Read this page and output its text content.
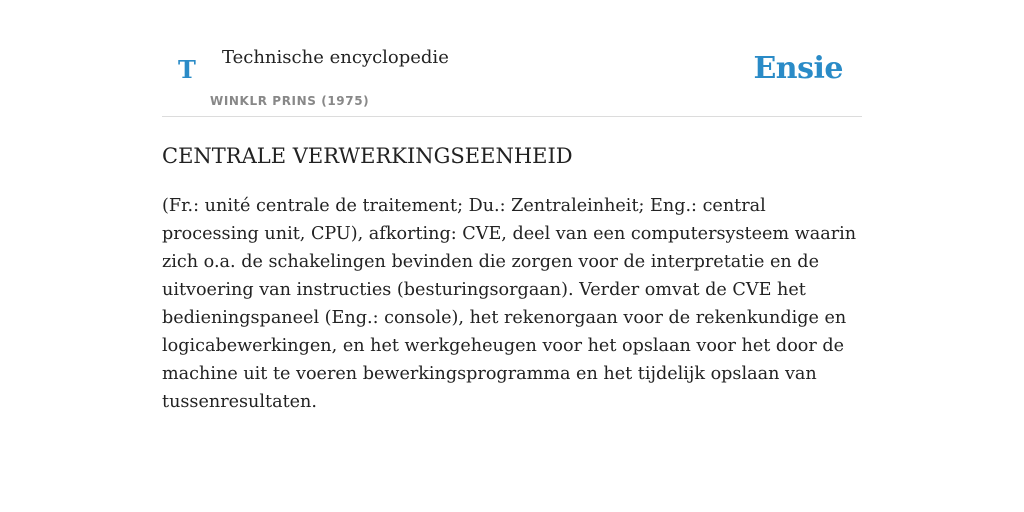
T Technische encyclopedie
WINKLR PRINS (1975)
Ensie
CENTRALE VERWERKINGSEENHEID

(Fr.: unité centrale de traitement; Du.: Zentraleinheit; Eng.: central processing unit, CPU), afkorting: CVE, deel van een computersysteem waarin zich o.a. de schakelingen bevinden die zorgen voor de interpretatie en de uitvoering van instructies (besturingsorgaan). Verder omvat de CVE het bedieningspaneel (Eng.: console), het rekenorgaan voor de rekenkundige en logicabewerkingen, en het werkgeheugen voor het opslaan voor het door de machine uit te voeren bewerkingsprogramma en het tijdelijk opslaan van tussenresultaten.
